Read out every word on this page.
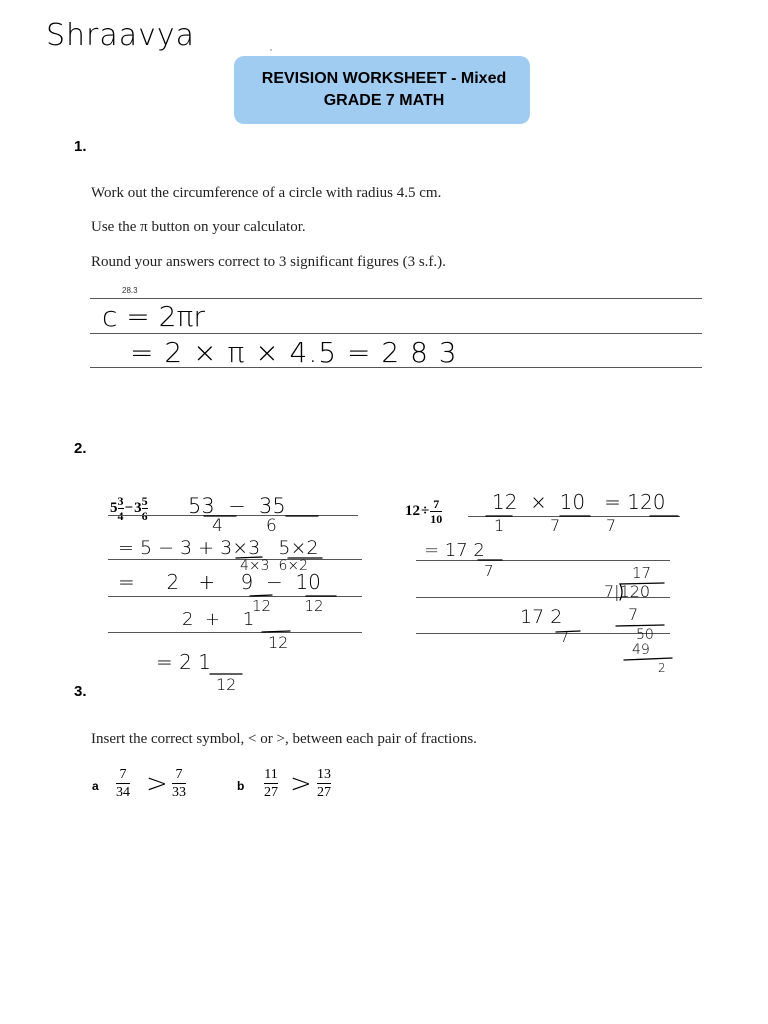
Shraavya
REVISION WORKSHEET - Mixed
GRADE 7 MATH
1.
Work out the circumference of a circle with radius 4.5 cm.
Use the π button on your calculator.
Round your answers correct to 3 significant figures (3 s.f.).
28.3
c = 2πr
= 2 × π × 4.5 = 2 8 3
2.
$5 \frac{3}{4} - 3 \frac{5}{6} 53 - 35$
4        6
= 5 − 3 + 3×3   5×2
4×3  6×2
=     2   +    9  −  10
12       12
2  +    1
12
= 2 1
12
$12 \div \frac{7}{10} 12 \times 10 = 120$
1         7         7
= 17 2
7	17
7|120
17 2
7
7
50
49
2
3.
Insert the correct symbol, < or >, between each pair of fractions.
a
7
34 > 7
33	b
11
27 > 13
27
